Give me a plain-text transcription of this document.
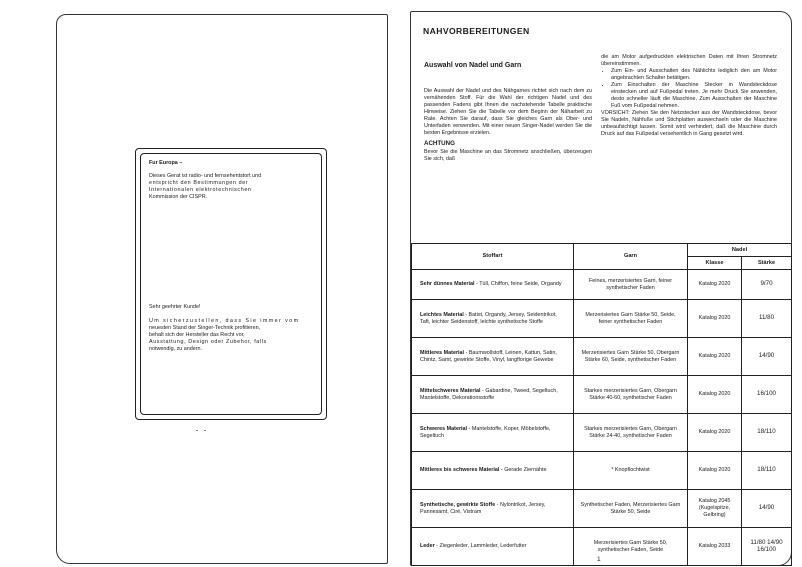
Fur Europa –

Dieses Gerat ist radio- und fernsehentstort und

entspricht den Bestimmungen der

Internationalen elektrotechnischen

Kommission der CISPR.

Sehr geehrter Kunde!

Um sicherzustellen, dass Sie immer vom

neuesten Stand der Singer-Technik profitieren,

behalt sich der Hersteller das Recht vor,

Ausstattung, Design oder Zubehor, falls

notwendig, zu andern.

NAHVORBEREITUNGEN
Auswahl von Nadel und Garn

Die Auswahl der Nadel und des Nähgarnes richtet sich nach dem zu vernähenden Stoff. Für die Wahl der richtigen Nadel und des passenden Fadens gibt Ihnen die nachstehende Tabelle praktische Hinweise. Ziehen Sie die Tabelle vor dem Beginn der Näharbeit zu Rate. Achten Sie darauf, dass Sie gleiches Garn als Ober- und Unterfaden verwenden. Mit einer neuen Singer-Nadel werden Sie die besten Ergebnisse erzielen.

ACHTUNG

Bevor Sie die Maschine an das Stromnetz anschließen, überzeugen Sie sich, daß

die am Motor aufgedruckten elektrischen Daten mit Ihren Stromnetz übereinstimmen.

• Zum Ein- und Ausschalten des Nählichts lediglich den am Motor angebrachten Schalter betätigen.
• Zum Einschalten der Maschine Stecker in Wandsteckdose einstecken und auf Fußpedal treten. Je mehr Druck Sie anwenden, desto schneller läuft die Maschine. Zum Ausschalten der Maschine Fuß vom Fußpedal nehmen.

VORSICHT: Ziehen Sie den Netzstecker aus der Wandsteckdose, bevor Sie Nadeln, Nähfuße und Stichplatten auswechseln oder die Maschine unbeaufsichtigt lassen. Somit wird verhindert, daß die Maschine durch Druck auf das Fußpedal versehentlich in Gang gesetzt wird.

Stoffart	Garn	Nadel	
		Klasse	Stärke
Sehr dünnes Material - Tüll, Chiffon, feine Seide, Organdy	Feines, merzerisiertes Garn, feiner synthetischer Faden	Katalog 2020	9/70
Leichtes Material - Batist, Organdy, Jersey, Seidentrikot, Taft, leichter Seidenstoff, leichte synthetische Stoffe	Merzerisiertes Garn Stärke 50, Seide, feiner synthetischer Faden	Katalog 2020	11/80
Mittleres Material - Baumwollstoff, Leinen, Kattun, Satin, Chintz, Samt, gewirkte Stoffe, Vinyl, langflorige Gewebe	Merzerisiertes Garn Stärke 50, Obergarn Stärke 60, Seide, synthetischer Faden	Katalog 2020	14/90
Mittelschweres Material - Gabardine, Tweed, Segeltuch, Mantelstoffe, Dekorationsstoffe	Starkes merzerisiertes Garn, Obergarn Stärke 40-60, synthetischer Faden	Katalog 2020	16/100
Schweres Material - Mantelstoffe, Koper, Möbelstoffe, Segeltuch	Starkes merzerisiertes Garn, Obergarn Stärke 24-40, synthetischer Faden	Katalog 2020	18/110
Mittleres bis schweres Material - Gerade Ziernähte	* Knopflochtwist	Katalog 2020	18/110
Synthetische, gewirkte Stoffe - Nylontrikot, Jersey, Pannesamt, Ciré, Vistram	Synthetischer Faden, Merzerisiertes Garn Stärke 50, Seide	Katalog 2045 (Kugelspitze, Gelbring)	14/90
Leder - Ziegenleder, Lammleder, Lederfutter	Merzerisiertes Garn Stärke 50, synthetischer Faden, Seide	Katalog 2033	11/80 14/90 16/100
1
